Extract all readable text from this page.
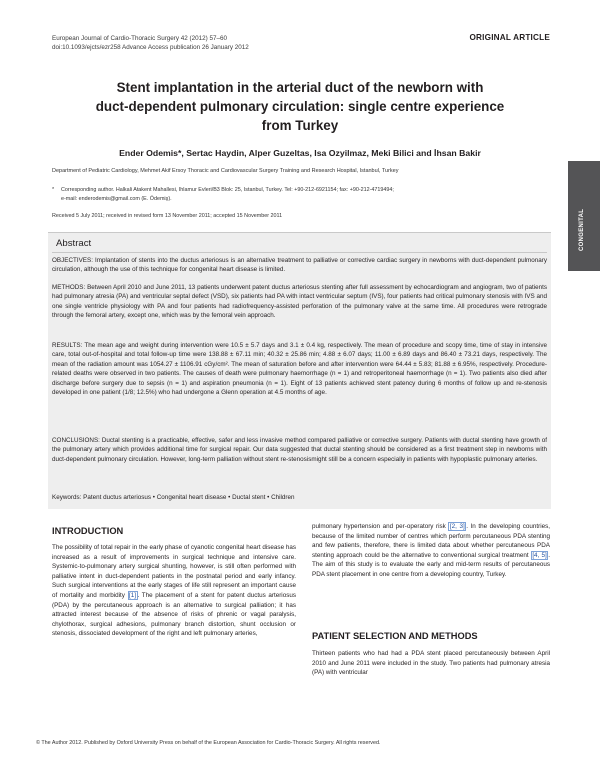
European Journal of Cardio-Thoracic Surgery 42 (2012) 57–60
doi:10.1093/ejcts/ezr258 Advance Access publication 26 January 2012
ORIGINAL ARTICLE
Stent implantation in the arterial duct of the newborn with
duct-dependent pulmonary circulation: single centre experience
from Turkey
Ender Odemis*, Sertac Haydin, Alper Guzeltas, Isa Ozyilmaz, Meki Bilici and İhsan Bakir
Department of Pediatric Cardiology, Mehmet Akif Ersoy Thoracic and Cardiovascular Surgery Training and Research Hospital, Istanbul, Turkey
* Corresponding author. Halkali Atakent Mahallesi, Ihlamur Evleri/B3 Blok: 25, Istanbul, Turkey. Tel: +90-212-6921154; fax: +90-212-4719494;
e-mail: enderodemis@gmail.com (E. Ödemiş).
Received 5 July 2011; received in revised form 13 November 2011; accepted 15 November 2011	CONGENITAL
Abstract
OBJECTIVES: Implantation of stents into the ductus arteriosus is an alternative treatment to palliative or corrective cardiac surgery in newborns with duct-dependent pulmonary circulation, although the use of this technique for congenital heart disease is limited.
METHODS: Between April 2010 and June 2011, 13 patients underwent patent ductus arteriosus stenting after full assessment by echocardiogram and angiogram, two of patients had pulmonary atresia (PA) and ventricular septal defect (VSD), six patients had PA with intact ventricular septum (IVS), four patients had critical pulmonary stenosis with IVS and one single ventricle physiology with PA and four patients had radiofrequency-assisted perforation of the pulmonary valve at the same time. All procedures were retrograde through the femoral artery, except one, which was by the femoral vein approach.
RESULTS: The mean age and weight during intervention were 10.5 ± 5.7 days and 3.1 ± 0.4 kg, respectively. The mean of procedure and scopy time, time of stay in intensive care, total out-of-hospital and total follow-up time were 138.88 ± 67.11 min; 40.32 ± 25.86 min; 4.88 ± 6.07 days; 11.00 ± 6.89 days and 86.40 ± 73.21 days, respectively. The mean of the radiation amount was 1054.27 ± 1106.91 cGy/cm². The mean of saturation before and after intervention were 64.44 ± 5.83; 81.88 ± 6.95%, respectively. Procedure-related deaths were observed in two patients. The causes of death were pulmonary haemorrhage (n = 1) and retroperitoneal haemorrhage (n = 1). Two patients also died after discharge before surgery due to sepsis (n = 1) and aspiration pneumonia (n = 1). Eight of 13 patients achieved stent patency during 6 months of follow up and re-stenosis developed in one patient (1/8; 12.5%) who had undergone a Glenn operation at 4.5 months of age.
CONCLUSIONS: Ductal stenting is a practicable, effective, safer and less invasive method compared palliative or corrective surgery. Patients with ductal stenting have growth of the pulmonary artery which provides additional time for surgical repair. Our data suggested that ductal stenting should be considered as a first treatment step in newborns with duct-dependent pulmonary circulation. However, long-term palliation without stent re-stenosismight still be a concern especially in patients with hypoplastic pulmonary arteries.
Keywords: Patent ductus arteriosus • Congenital heart disease • Ductal stent • Children
INTRODUCTION
The possibility of total repair in the early phase of cyanotic congenital heart disease has increased as a result of improvements in surgical technique and intensive care. Systemic-to-pulmonary artery surgical shunting, however, is still often performed with palliative intent in duct-dependent patients in the postnatal period and early infancy. Such surgical interventions at the early stages of life still represent an important cause of mortality and morbidity [1] . The placement of a stent for patent ductus arteriosus (PDA) by the percutaneous approach is an alternative to surgical palliation; it has attracted interest because of the absence of risks of phrenic or vagal paralysis, chylothorax, surgical adhesions, pulmonary branch distortion, shunt occlusion or stenosis, dissociated development of the right and left pulmonary arteries,
pulmonary hypertension and per-operatory risk [2, 3] . In the developing countries, because of the limited number of centres which perform percutaneous PDA stenting and few patients, therefore, there is limited data about whether percutaneous PDA stenting approach could be the alternative to conventional surgical treatment [4, 5] . The aim of this study is to evaluate the early and mid-term results of percutaneous PDA stent placement in one centre from a developing country, Turkey.
PATIENT SELECTION AND METHODS
Thirteen patients who had had a PDA stent placed percutaneously between April 2010 and June 2011 were included in the study. Two patients had pulmonary atresia (PA) with ventricular
© The Author 2012. Published by Oxford University Press on behalf of the European Association for Cardio-Thoracic Surgery. All rights reserved.
